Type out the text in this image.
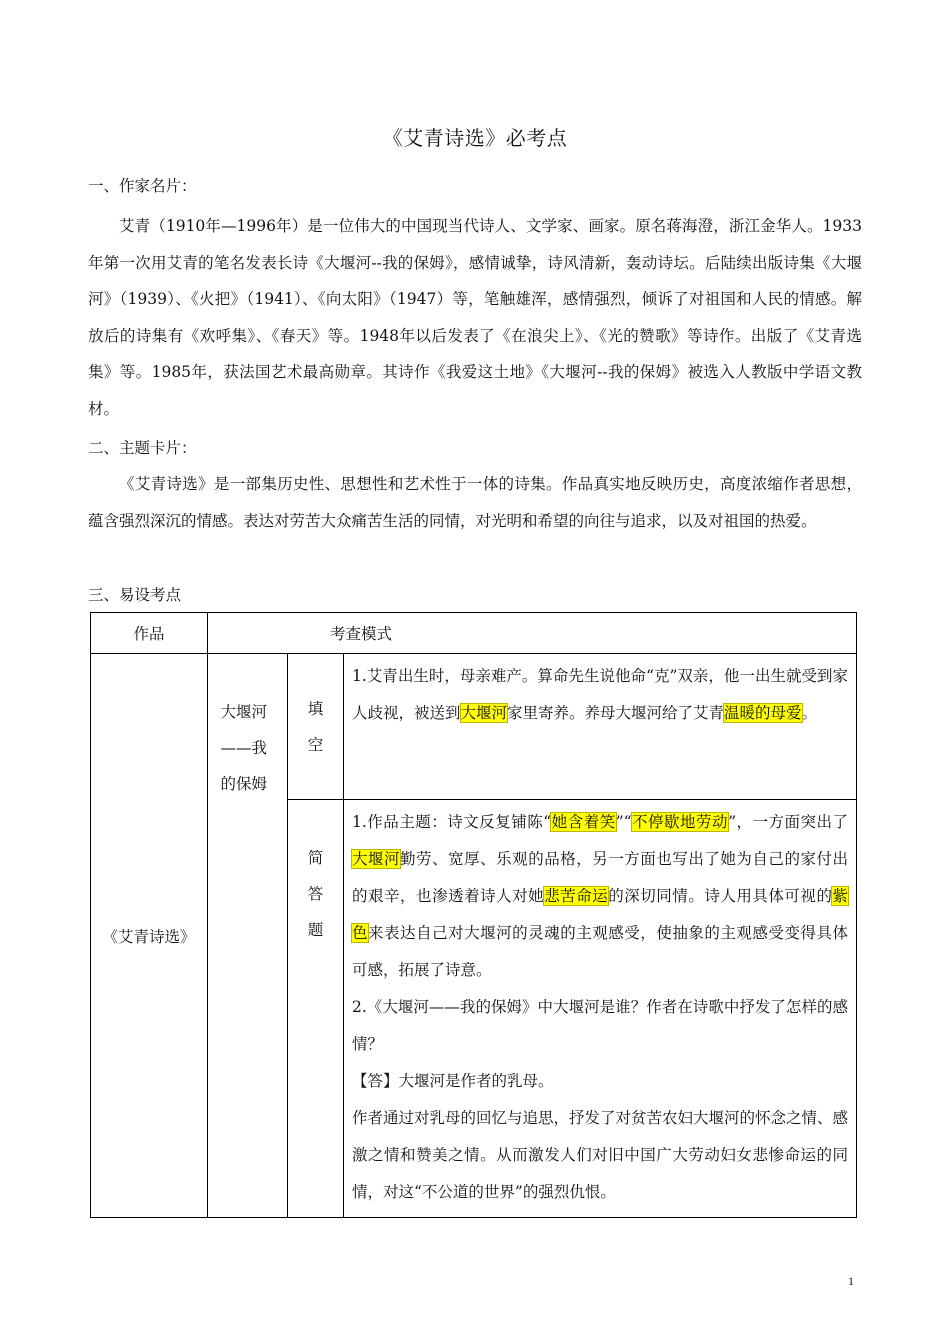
《艾青诗选》必考点
一、作家名片：

艾青（1910年—1996年）是一位伟大的中国现当代诗人、文学家、画家。原名蒋海澄，浙江金华人。1933年第一次用艾青的笔名发表长诗《大堰河--我的保姆》，感情诚挚，诗风清新，轰动诗坛。后陆续出版诗集《大堰河》（1939）、《火把》（1941）、《向太阳》（1947）等，笔触雄浑，感情强烈，倾诉了对祖国和人民的情感。解放后的诗集有《欢呼集》、《春天》等。1948年以后发表了《在浪尖上》、《光的赞歌》等诗作。出版了《艾青选集》等。1985年，获法国艺术最高勋章。其诗作《我爱这土地》《大堰河--我的保姆》被选入人教版中学语文教材。

二、主题卡片：

《艾青诗选》是一部集历史性、思想性和艺术性于一体的诗集。作品真实地反映历史，高度浓缩作者思想，蕴含强烈深沉的情感。表达对劳苦大众痛苦生活的同情，对光明和希望的向往与追求，以及对祖国的热爱。

三、易设考点
作品	考查模式		
《艾青诗选》	大堰河——我的保姆	填空	1.艾青出生时，母亲难产。算命先生说他命“克”双亲，他一出生就受到家人歧视，被送到大堰河家里寄养。养母大堰河给了艾青温暖的母爱。

		简答题	1.作品主题：诗文反复铺陈“她含着笑”“不停歇地劳动”，一方面突出了大堰河勤劳、宽厚、乐观的品格，另一方面也写出了她为自己的家付出的艰辛，也渗透着诗人对她悲苦命运的深切同情。诗人用具体可视的紫色来表达自己对大堰河的灵魂的主观感受，使抽象的主观感受变得具体可感，拓展了诗意。

2.《大堰河——我的保姆》中大堰河是谁？作者在诗歌中抒发了怎样的感情？

【答】大堰河是作者的乳母。

作者通过对乳母的回忆与追思，抒发了对贫苦农妇大堰河的怀念之情、感激之情和赞美之情。从而激发人们对旧中国广大劳动妇女悲惨命运的同情，对这“不公道的世界”的强烈仇恨。

1
